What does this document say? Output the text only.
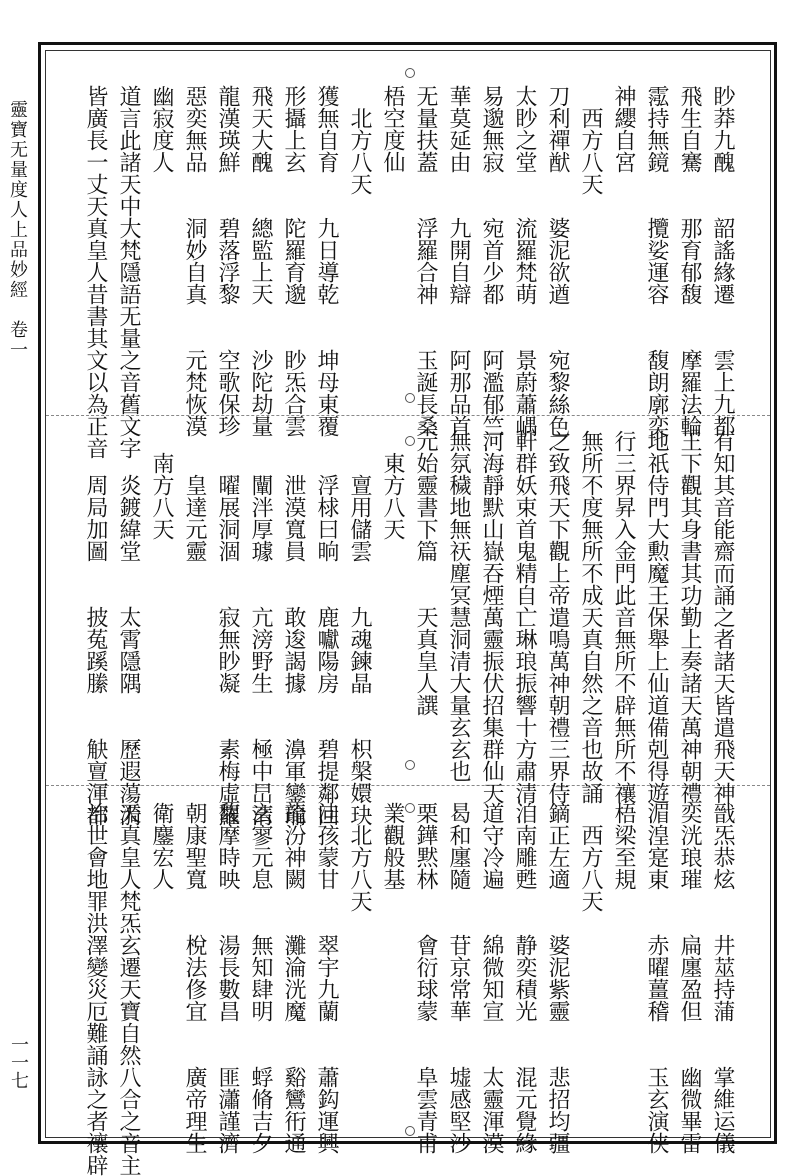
靈寶无量度人上品妙經　卷一
一一七
眇莽九醜　　韶謠緣遷　　雲上九都
飛生自騫　　那育郁馥　　摩羅法輪
霐持無鏡　　攬娑運容　　馥朗廓奕
神纓自宮
　西方八天
刀利禪猷　　婆泥欲遒　　宛黎絲色
太眇之堂　　流羅梵萌　　景蔚蕭嵎
易邈無寂　　宛首少都　　阿濫郁竺
華莫延由　　九開自辯　　阿那品首
无量扶蓋　　浮羅合神　　玉誕長桑
梧空度仙
　北方八天
獲無自育　　九日導乾　　坤母東覆
形攝上玄　　陀羅育邈　　眇炁合雲
飛天大醜　　總監上天　　沙陀劫量
龍漢瑛鮮　　碧落浮黎　　空歌保珍
惡奕無品　　洞妙自真　　元梵恢漠
幽寂度人
道言此諸天中大梵隱語无量之音舊文字
皆廣長一丈天真皇人昔書其文以為正音
有知其音能齋而誦之者諸天皆遣飛天神
王下觀其身書其功勤上奏諸天萬神朝禮
地祇侍門大勲魔王保舉上仙道備剋得遊
行三界昇入金門此音無所不辟無所不禳
無所不度無所不成天真自然之音也故誦
之致飛天下觀上帝遣鳴萬神朝禮三界侍
軒群妖束首鬼精自亡琳琅振響十方肅清
河海靜默山嶽吞煙萬靈振伏招集群仙天
無氛穢地無祆塵冥慧洞清大量玄玄也
元始靈書下篇　　天真皇人譔
　東方八天
　　亶用儲雲　　九魂鍊晶　　枳槃嬛玦
　　浮梂曰晌　　鹿囐陽房　　碧提鄰回
　　泄漠寬員　　敢逡謁據　　濞軍鑾瑜
　　闡泮厚璩　　亢滂野生　　極中旵清
　　曜展洞涸　　寂無眇凝　　素梅虛羅
　　皇達元靈
　南方八天
　　炎鍍緯堂　　太霄隱隅　　歷遐蕩漪
　　周局加圖　　披菟蹊縢　　觖亶渾都
戩炁恭炫　　井莁持蒲　　掌維运儀
奕洸琅璀　　扁廛盈但　　幽微畢雷
湄湟寔東　　赤曜薑稽　　玉玄演侠
梧梁至規
　西方八天
鏑正左適　　婆泥紫靈　　悲招均疆
洎南雕甦　　静奕積光　　混元覺緣
道守冷遍　　綿微知宣　　太靈渾漠
曷和廛隨　　苷京常華　　墟感堅沙
栗鏵黙林　　會衍球蒙　　阜雲青甫
業觀般基
　北方八天
洼孩蒙甘　　翠宇九蘭　　蕭鈎運興
龍汾神闕　　灘淪洸魔　　谿鸞衎通
玄寥元息　　無知肆明　　蜉脩吉夕
馥摩時映　　湯長數昌　　匪瀟謹濟
朝康聖寬　　梲法俢宜　　廣帝理生
衛鏖宏人
天真皇人梵炁玄遷天寶自然八合之音主
治世會地罪洪澤變災厄難誦詠之者禳辟
